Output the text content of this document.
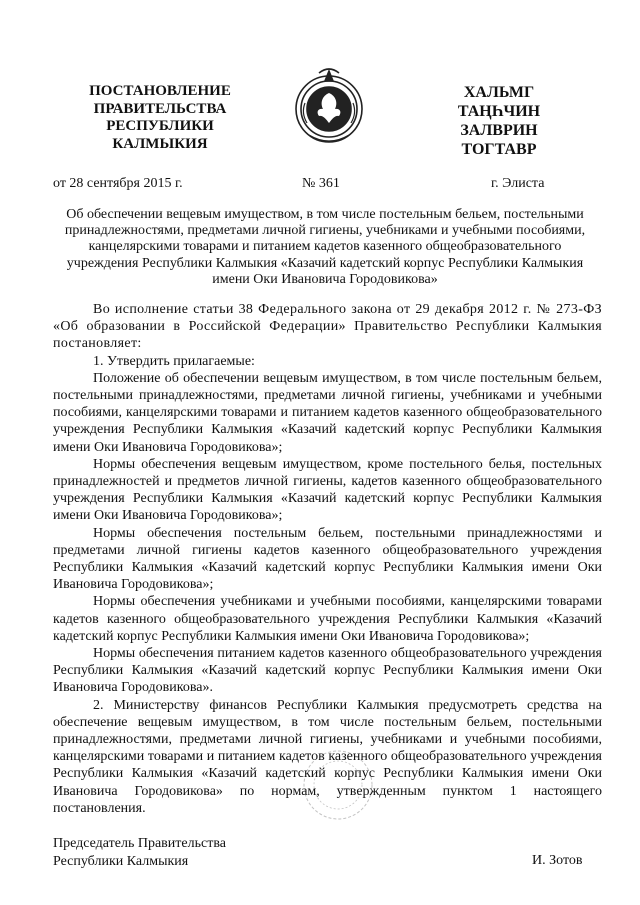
ПОСТАНОВЛЕНИЕ
ПРАВИТЕЛЬСТВА
РЕСПУБЛИКИ
КАЛМЫКИЯ
ХАЛЬМГ
ТАҢҺЧИН
ЗАЛВРИН
ТОГТАВР
от 28 сентября 2015 г.	№ 361	г. Элиста
Об обеспечении вещевым имуществом, в том числе постельным бельем, постельными принадлежностями, предметами личной гигиены, учебниками и учебными пособиями, канцелярскими товарами и питанием кадетов казенного общеобразовательного учреждения Республики Калмыкия «Казачий кадетский корпус Республики Калмыкия имени Оки Ивановича Городовикова»

Во исполнение статьи 38 Федерального закона от 29 декабря 2012 г. № 273-ФЗ «Об образовании в Российской Федерации» Правительство Республики Калмыкия постановляет:

1. Утвердить прилагаемые:

Положение об обеспечении вещевым имуществом, в том числе постельным бельем, постельными принадлежностями, предметами личной гигиены, учебниками и учебными пособиями, канцелярскими товарами и питанием кадетов казенного общеобразовательного учреждения Республики Калмыкия «Казачий кадетский корпус Республики Калмыкия имени Оки Ивановича Городовикова»;

Нормы обеспечения вещевым имуществом, кроме постельного белья, постельных принадлежностей и предметов личной гигиены, кадетов казенного общеобразовательного учреждения Республики Калмыкия «Казачий кадетский корпус Республики Калмыкия имени Оки Ивановича Городовикова»;

Нормы обеспечения постельным бельем, постельными принадлежностями и предметами личной гигиены кадетов казенного общеобразовательного учреждения Республики Калмыкия «Казачий кадетский корпус Республики Калмыкия имени Оки Ивановича Городовикова»;

Нормы обеспечения учебниками и учебными пособиями, канцелярскими товарами кадетов казенного общеобразовательного учреждения Республики Калмыкия «Казачий кадетский корпус Республики Калмыкия имени Оки Ивановича Городовикова»;

Нормы обеспечения питанием кадетов казенного общеобразовательного учреждения Республики Калмыкия «Казачий кадетский корпус Республики Калмыкия имени Оки Ивановича Городовикова».

2. Министерству финансов Республики Калмыкия предусмотреть средства на обеспечение вещевым имуществом, в том числе постельным бельем, постельными принадлежностями, предметами личной гигиены, учебниками и учебными пособиями, канцелярскими товарами и питанием кадетов казенного общеобразовательного учреждения Республики Калмыкия «Казачий кадетский корпус Республики Калмыкия имени Оки Ивановича Городовикова» по нормам, утвержденным пунктом 1 настоящего постановления.

Председатель Правительства
Республики Калмыкия	И. Зотов
